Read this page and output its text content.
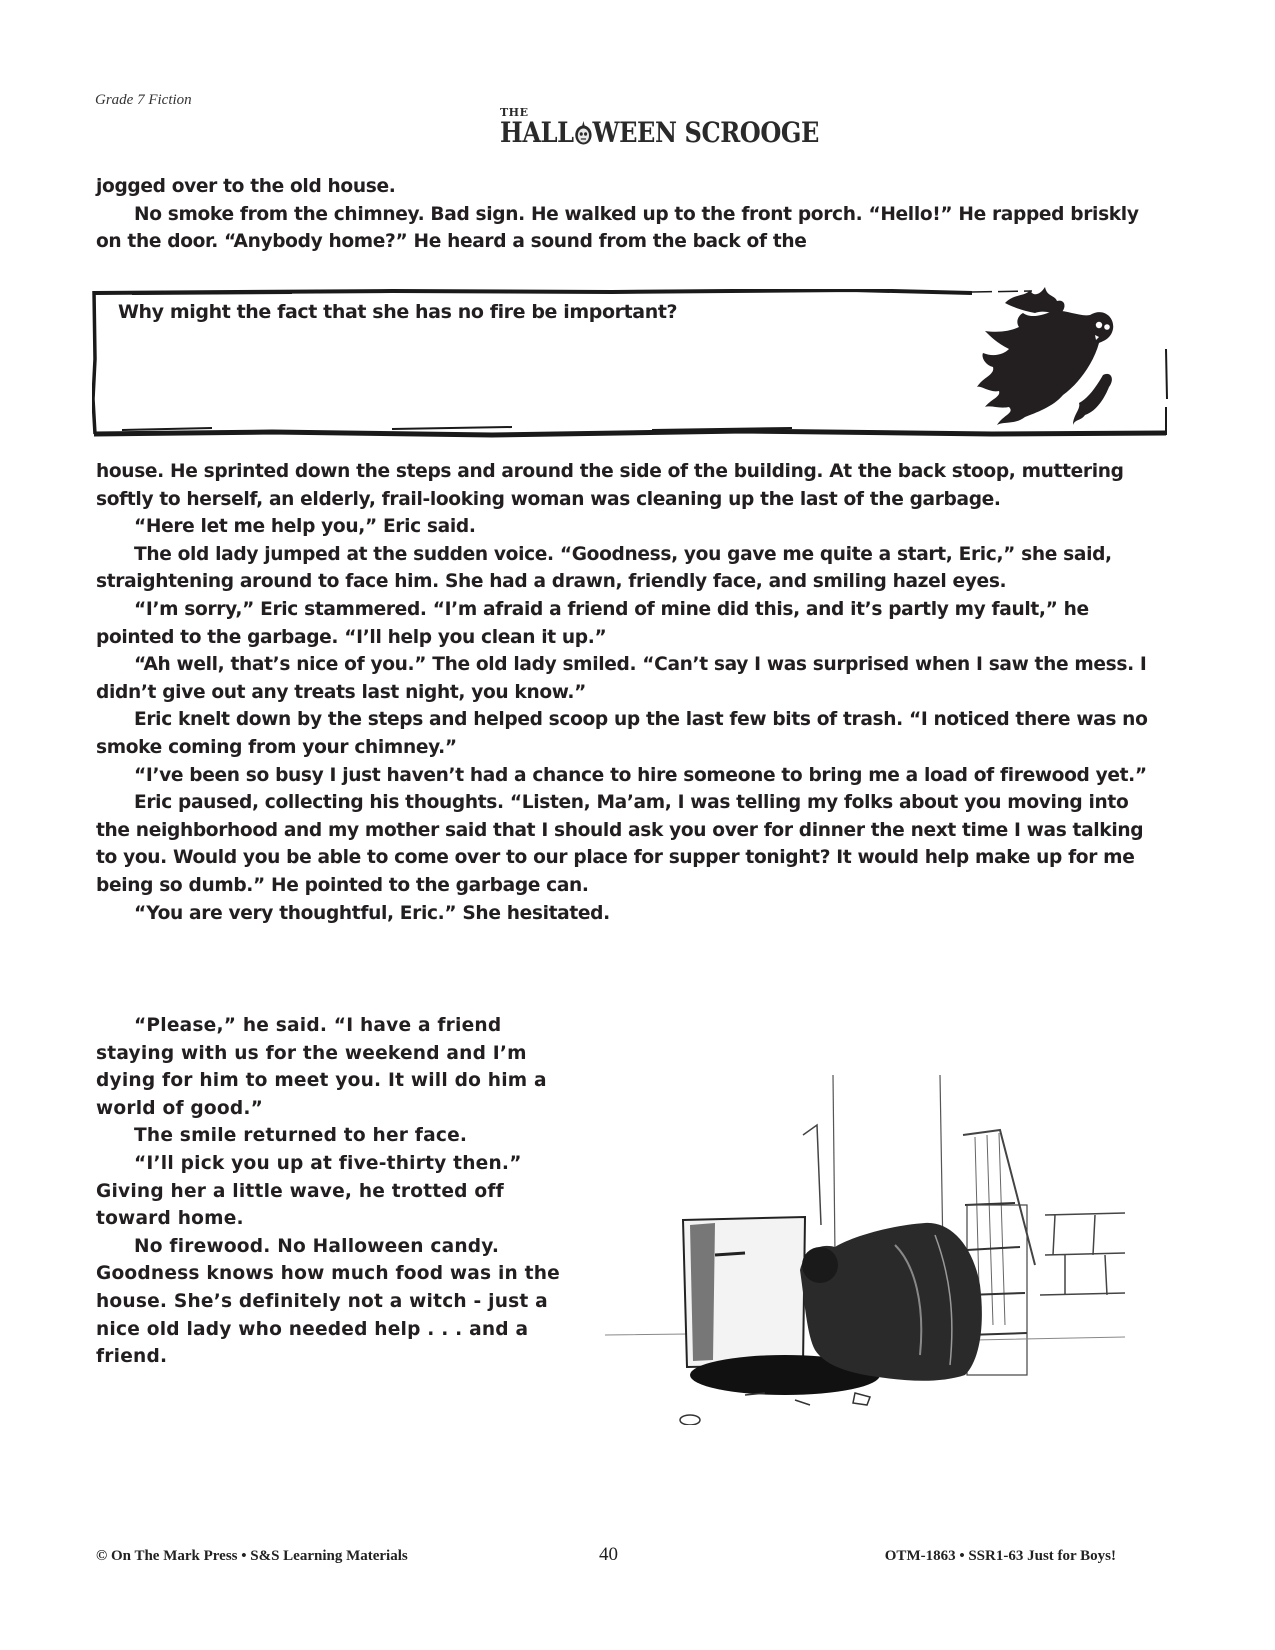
Grade 7 Fiction
THE
HALL WEEN SCROOGE

jogged over to the old house.

No smoke from the chimney. Bad sign. He walked up to the front porch. “Hello!” He rapped briskly on the door. “Anybody home?” He heard a sound from the back of the

Why might the fact that she has no fire be important?

house. He sprinted down the steps and around the side of the building. At the back stoop, muttering softly to herself, an elderly, frail-looking woman was cleaning up the last of the garbage.

“Here let me help you,” Eric said.

The old lady jumped at the sudden voice. “Goodness, you gave me quite a start, Eric,” she said, straightening around to face him. She had a drawn, friendly face, and smiling hazel eyes.

“I’m sorry,” Eric stammered. “I’m afraid a friend of mine did this, and it’s partly my fault,” he pointed to the garbage. “I’ll help you clean it up.”

“Ah well, that’s nice of you.” The old lady smiled. “Can’t say I was surprised when I saw the mess. I didn’t give out any treats last night, you know.”

Eric knelt down by the steps and helped scoop up the last few bits of trash. “I noticed there was no smoke coming from your chimney.”

“I’ve been so busy I just haven’t had a chance to hire someone to bring me a load of firewood yet.”

Eric paused, collecting his thoughts. “Listen, Ma’am, I was telling my folks about you moving into the neighborhood and my mother said that I should ask you over for dinner the next time I was talking to you. Would you be able to come over to our place for supper tonight? It would help make up for me being so dumb.” He pointed to the garbage can.

“You are very thoughtful, Eric.” She hesitated.

“Please,” he said. “I have a friend staying with us for the weekend and I’m dying for him to meet you. It will do him a world of good.”

The smile returned to her face.

“I’ll pick you up at five-thirty then.” Giving her a little wave, he trotted off toward home.

No firewood. No Halloween candy. Goodness knows how much food was in the house. She’s definitely not a witch - just a nice old lady who needed help . . . and a friend.

© On The Mark Press • S&S Learning Materials	40	OTM-1863 • SSR1-63 Just for Boys!
